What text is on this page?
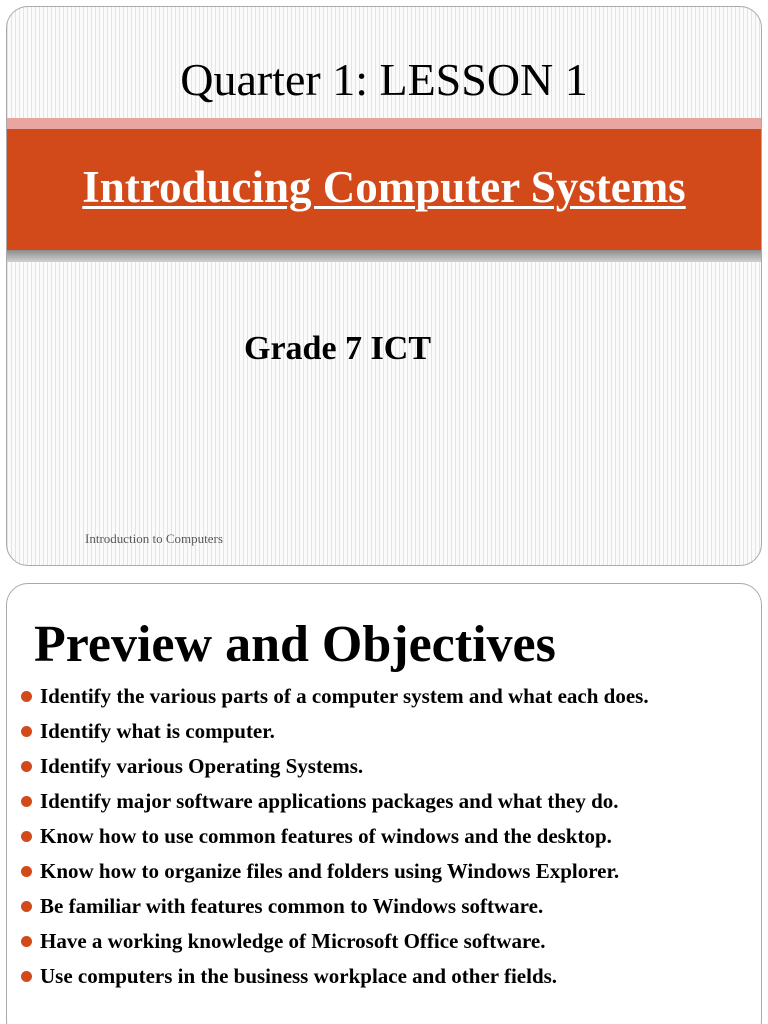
Quarter 1: LESSON 1
Introducing Computer Systems
Grade 7 ICT
Introduction to Computers
Preview and Objectives
Identify the various parts of a computer system and what each does.
Identify what is computer.
Identify various Operating Systems.
Identify major software applications packages and what they do.
Know how to use common features of windows and the desktop.
Know how to organize files and folders using Windows Explorer.
Be familiar with features common to Windows software.
Have a working knowledge of Microsoft Office software.
Use computers in the business workplace and other fields.
